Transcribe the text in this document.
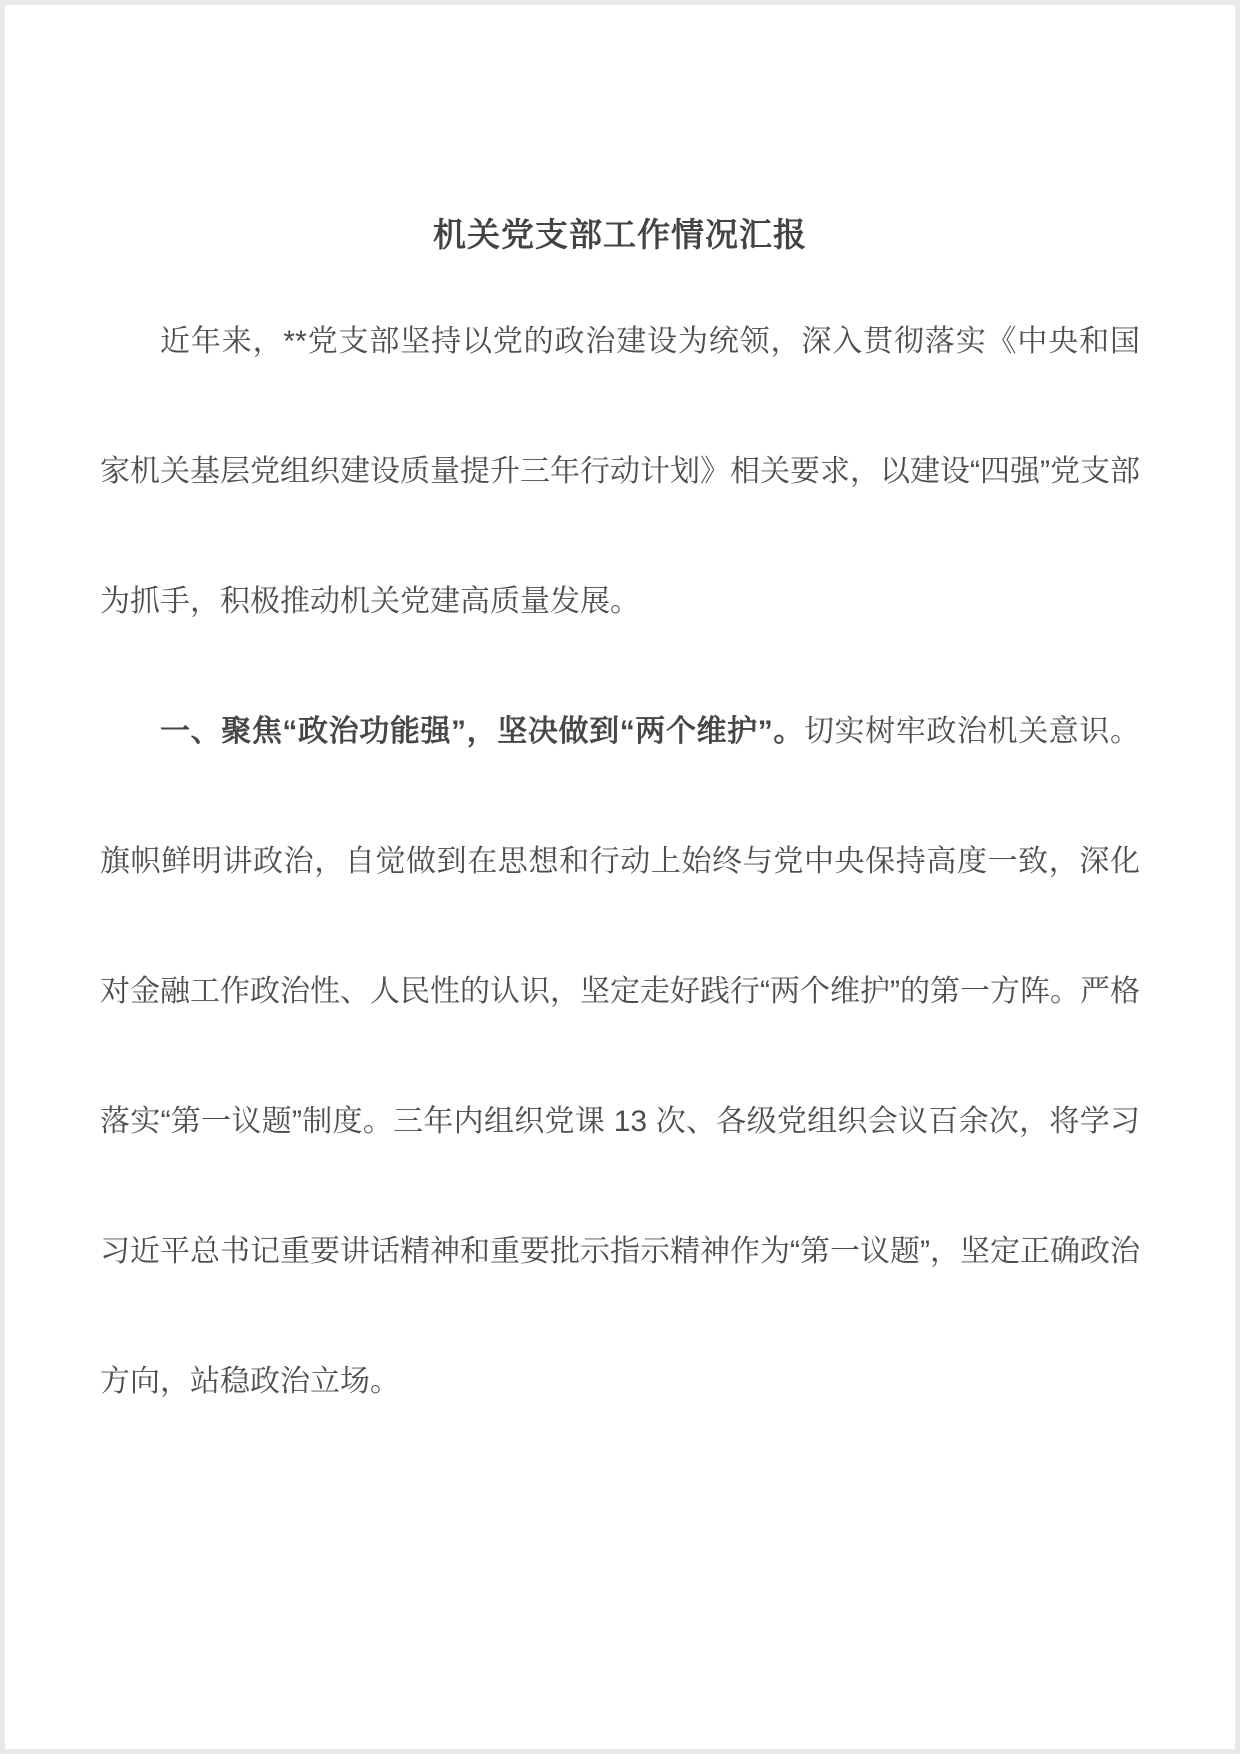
机关党支部工作情况汇报

近年来，**党支部坚持以党的政治建设为统领，深入贯彻落实《中央和国家机关基层党组织建设质量提升三年行动计划》相关要求，以建设“四强”党支部为抓手，积极推动机关党建高质量发展。

一、聚焦“政治功能强”，坚决做到“两个维护”。切实树牢政治机关意识。旗帜鲜明讲政治，自觉做到在思想和行动上始终与党中央保持高度一致，深化对金融工作政治性、人民性的认识，坚定走好践行“两个维护”的第一方阵。严格落实“第一议题”制度。三年内组织党课 13 次、各级党组织会议百余次，将学习习近平总书记重要讲话精神和重要批示指示精神作为“第一议题”，坚定正确政治方向，站稳政治立场。
